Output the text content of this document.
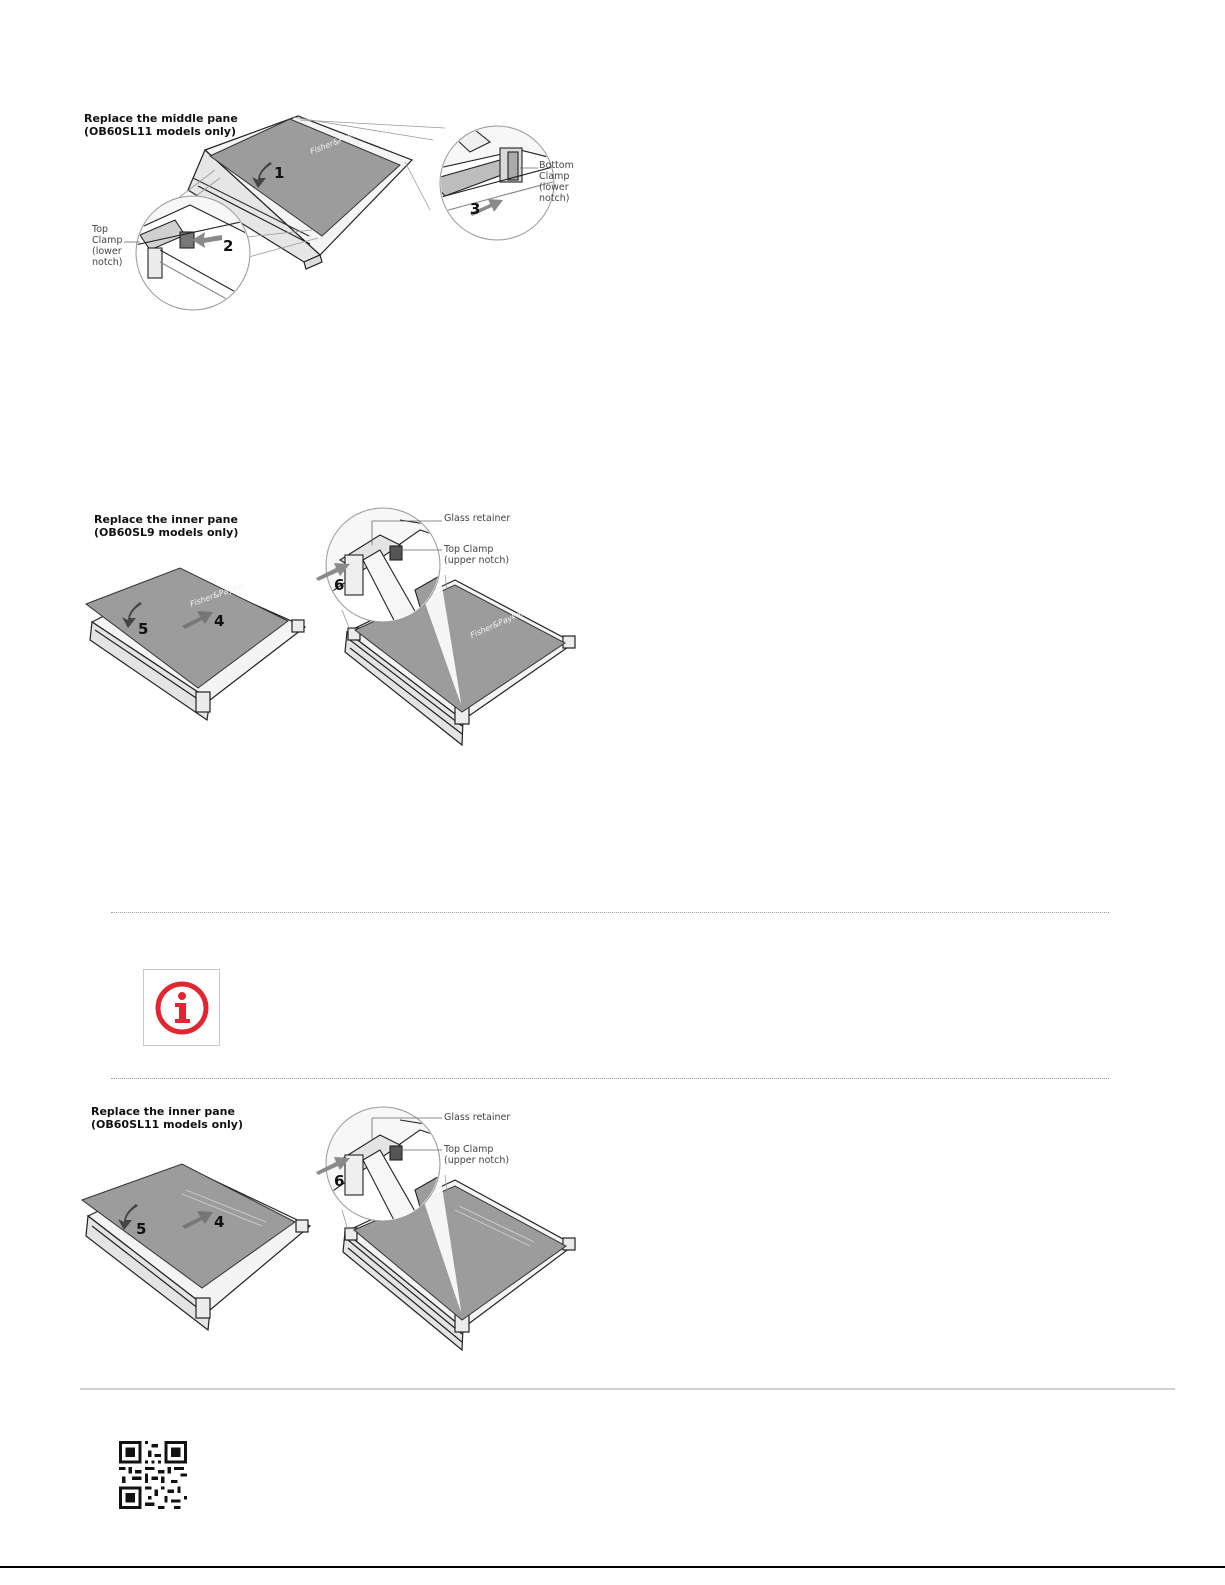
Replace the middle pane
(OB60SL11 models only)	Fisher&Paykel
1
3
2
Bottom
Clamp
(lower
notch)
Top
Clamp
(lower
notch)
Replace the inner pane
(OB60SL9 models only)
Fisher&Paykel
5	4	Fisher&Paykel
6
Glass retainer
Top Clamp
(upper notch)
Replace the inner pane
(OB60SL11 models only)
5	4
6
Glass retainer
Top Clamp
(upper notch)
